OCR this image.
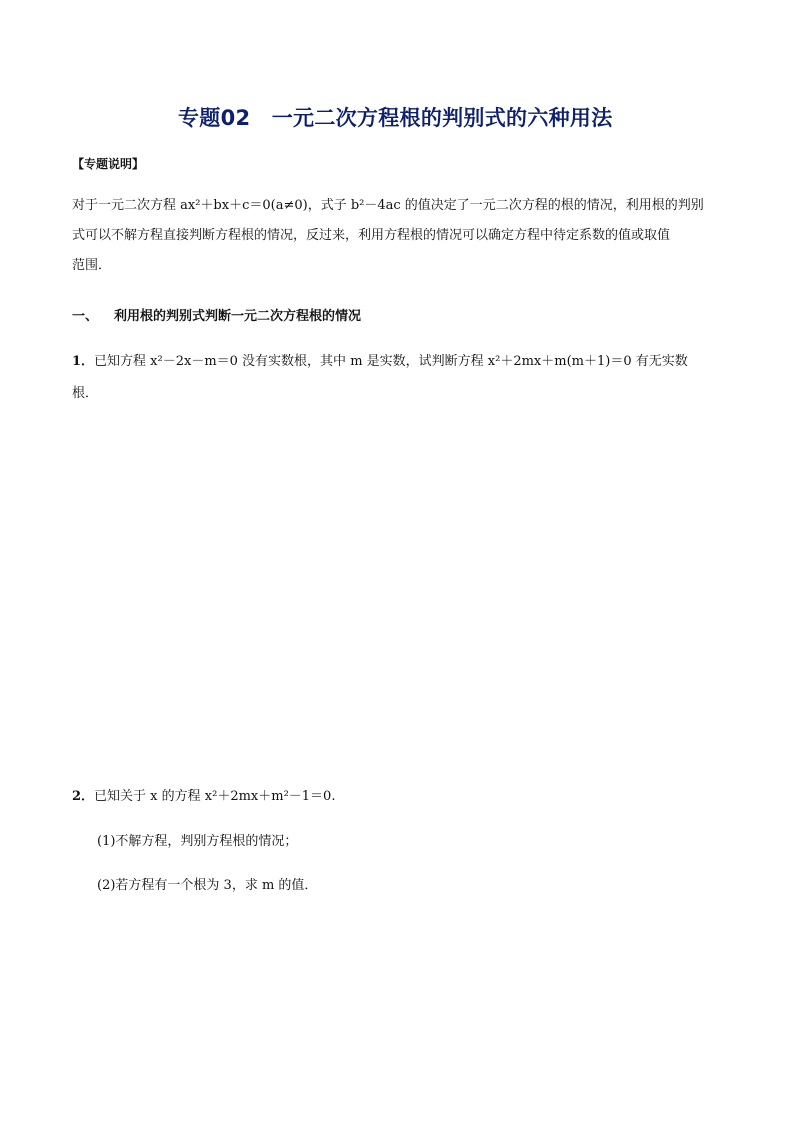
专题02　一元二次方程根的判别式的六种用法
【专题说明】

对于一元二次方程 ax²＋bx＋c＝0(a≠0)，式子 b²－4ac 的值决定了一元二次方程的根的情况，利用根的判别

式可以不解方程直接判断方程根的情况，反过来，利用方程根的情况可以确定方程中待定系数的值或取值

范围．

一、 利用根的判别式判断一元二次方程根的情况

1．已知方程 x²－2x－m＝0 没有实数根，其中 m 是实数，试判断方程 x²＋2mx＋m(m＋1)＝0 有无实数

根．

2．已知关于 x 的方程 x²＋2mx＋m²－1＝0.
(1)不解方程，判别方程根的情况；
(2)若方程有一个根为 3，求 m 的值．
